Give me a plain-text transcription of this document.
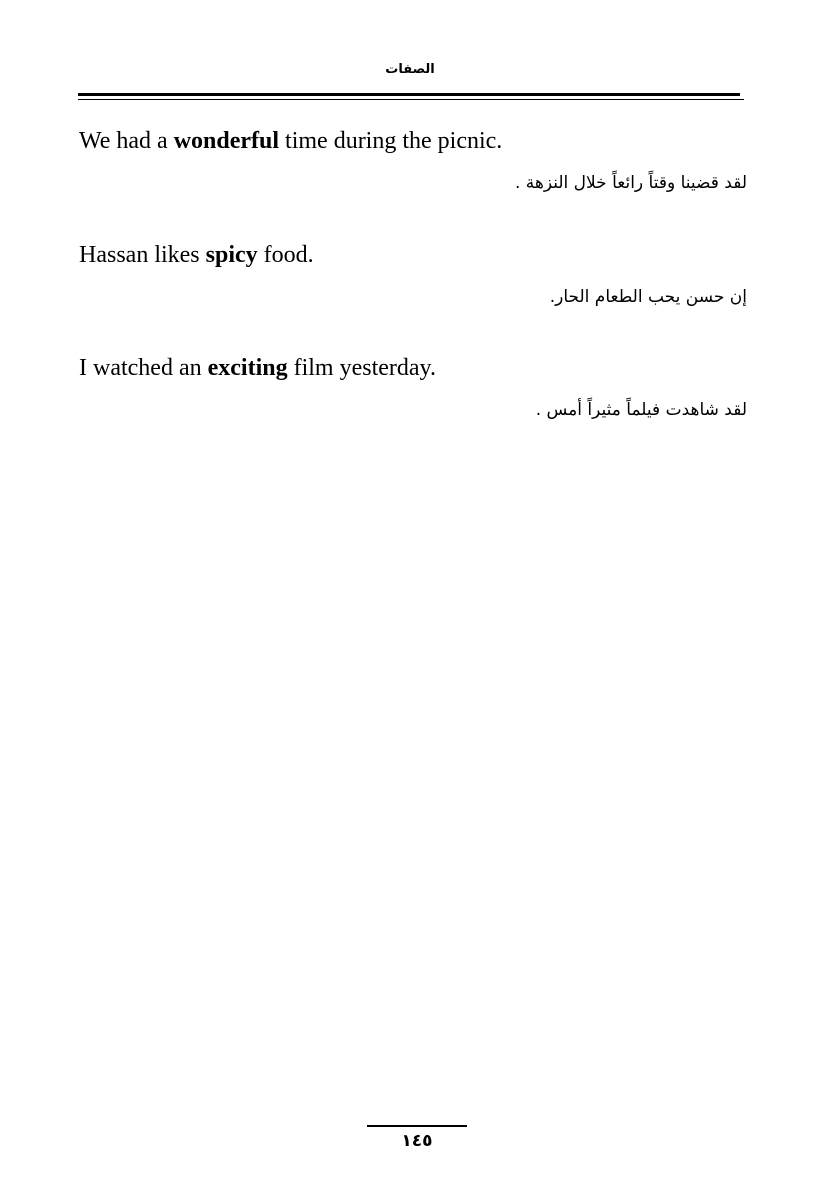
الصفات
We had a wonderful time during the picnic.
لقد قضينا وقتاً رائعاً خلال النزهة .
Hassan likes spicy food.
إن حسن يحب الطعام الحار.
I watched an exciting film yesterday.
لقد شاهدت فيلماً مثيراً أمس .
١٤٥
